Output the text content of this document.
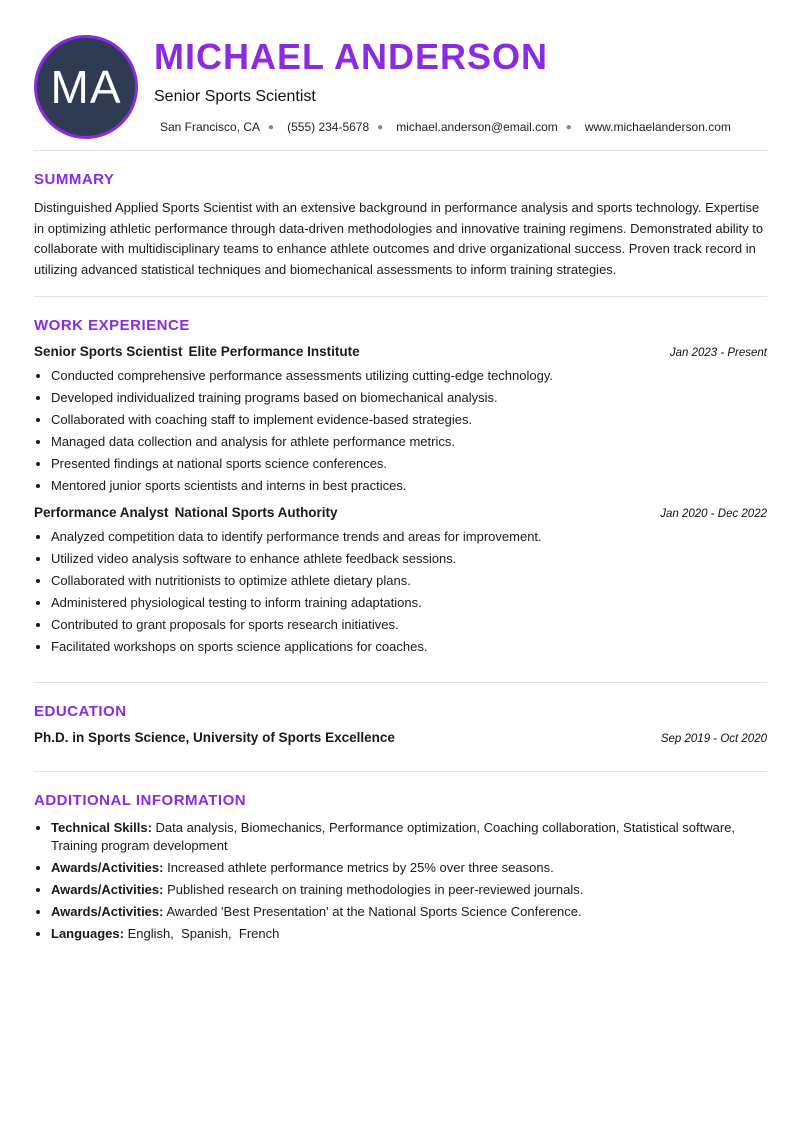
MA
MICHAEL ANDERSON
Senior Sports Scientist
San Francisco, CA ● (555) 234-5678 ● michael.anderson@email.com ● www.michaelanderson.com
SUMMARY

Distinguished Applied Sports Scientist with an extensive background in performance analysis and sports technology. Expertise in optimizing athletic performance through data-driven methodologies and innovative training regimens. Demonstrated ability to collaborate with multidisciplinary teams to enhance athlete outcomes and drive organizational success. Proven track record in utilizing advanced statistical techniques and biomechanical assessments to inform training strategies.

WORK EXPERIENCE
Senior Sports Scientist Elite Performance Institute	Jan 2023 - Present
• Conducted comprehensive performance assessments utilizing cutting-edge technology.
• Developed individualized training programs based on biomechanical analysis.
• Collaborated with coaching staff to implement evidence-based strategies.
• Managed data collection and analysis for athlete performance metrics.
• Presented findings at national sports science conferences.
• Mentored junior sports scientists and interns in best practices.
Performance Analyst National Sports Authority	Jan 2020 - Dec 2022
• Analyzed competition data to identify performance trends and areas for improvement.
• Utilized video analysis software to enhance athlete feedback sessions.
• Collaborated with nutritionists to optimize athlete dietary plans.
• Administered physiological testing to inform training adaptations.
• Contributed to grant proposals for sports research initiatives.
• Facilitated workshops on sports science applications for coaches.
EDUCATION
Ph.D. in Sports Science, University of Sports Excellence	Sep 2019 - Oct 2020
ADDITIONAL INFORMATION
• Technical Skills: Data analysis, Biomechanics, Performance optimization, Coaching collaboration, Statistical software, Training program development
• Awards/Activities: Increased athlete performance metrics by 25% over three seasons.
• Awards/Activities: Published research on training methodologies in peer-reviewed journals.
• Awards/Activities: Awarded 'Best Presentation' at the National Sports Science Conference.
• Languages: English,  Spanish,  French
